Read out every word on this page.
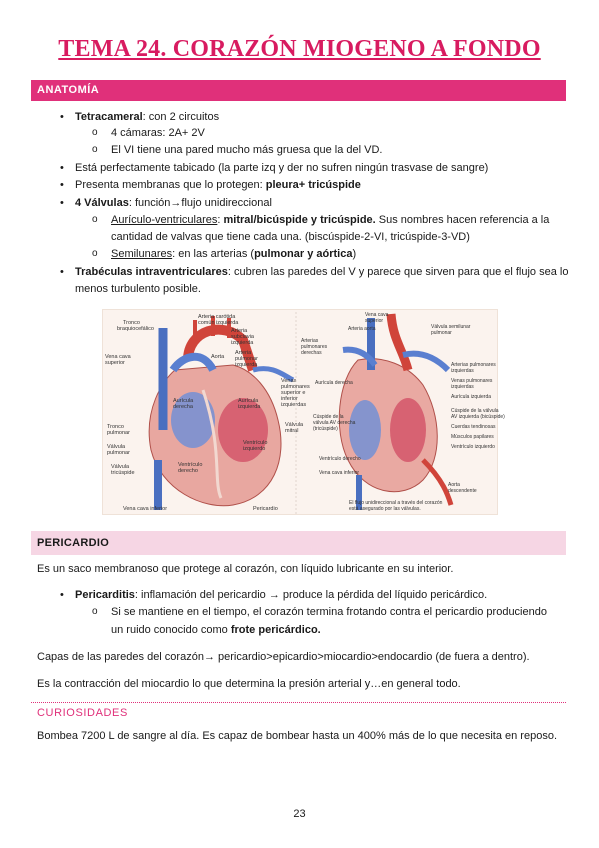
TEMA 24. CORAZÓN MIOGENO A FONDO
ANATOMÍA
• Tetracameral: con 2 circuitos
o 4 cámaras: 2A+ 2V
o El VI tiene una pared mucho más gruesa que la del VD.
• Está perfectamente tabicado (la parte izq y der no sufren ningún trasvase de sangre)
• Presenta membranas que lo protegen: pleura+ tricúspide
• 4 Válvulas: función→flujo unidireccional
o Aurículo-ventriculares: mitral/bicúspide y tricúspide. Sus nombres hacen referencia a la
cantidad de valvas que tiene cada una. (biscúspide-2-VI, tricúspide-3-VD)
o Semilunares: en las arterias (pulmonar y aórtica)
• Trabéculas intraventriculares: cubren las paredes del V y parece que sirven para que el flujo sea lo
menos turbulento posible.
Tronco
braquiocefálico
Arteria carótida
común izquierda
Arteria
subclavia
izquierda
Vena cava
superior
Aorta
Arteria
pulmonar
izquierda
Venas
pulmonares
superior e
inferior
izquierdas
Aurícula
derecha
Aurícula
izquierda
Tronco
pulmonar
Válvula
pulmonar
Válvula
tricúspide
Válvula
mitral
Ventrículo
izquierdo
Ventrículo
derecho
Vena cava inferior	Pericardio
Vena cava
superior
Arteria aorta	Válvula semilunar
pulmonar
Arterias
pulmonares
derechas
Arterias pulmonares
izquierdas
Venas pulmonares
izquierdas
Aurícula izquierda
Aurícula derecha
Cúspide de la válvula
AV izquierda (bicúspide)
Cúspide de la
válvula AV derecha
(tricúspide)	Cuerdas tendinosas
Músculos papilares
Ventrículo izquierdo
Ventrículo derecho
Vena cava inferior
Aorta
descendente
El flujo unidireccional a través del corazón
está asegurado por las válvulas.
PERICARDIO
Es un saco membranoso que protege al corazón, con líquido lubricante en su interior.
• Pericarditis: inflamación del pericardio → produce la pérdida del líquido pericárdico.
o Si se mantiene en el tiempo, el corazón termina frotando contra el pericardio produciendo
un ruido conocido como frote pericárdico.
Capas de las paredes del corazón→ pericardio>epicardio>miocardio>endocardio (de fuera a dentro).
Es la contracción del miocardio lo que determina la presión arterial y…en general todo.
CURIOSIDADES
Bombea 7200 L de sangre al día. Es capaz de bombear hasta un 400% más de lo que necesita en reposo.
23
